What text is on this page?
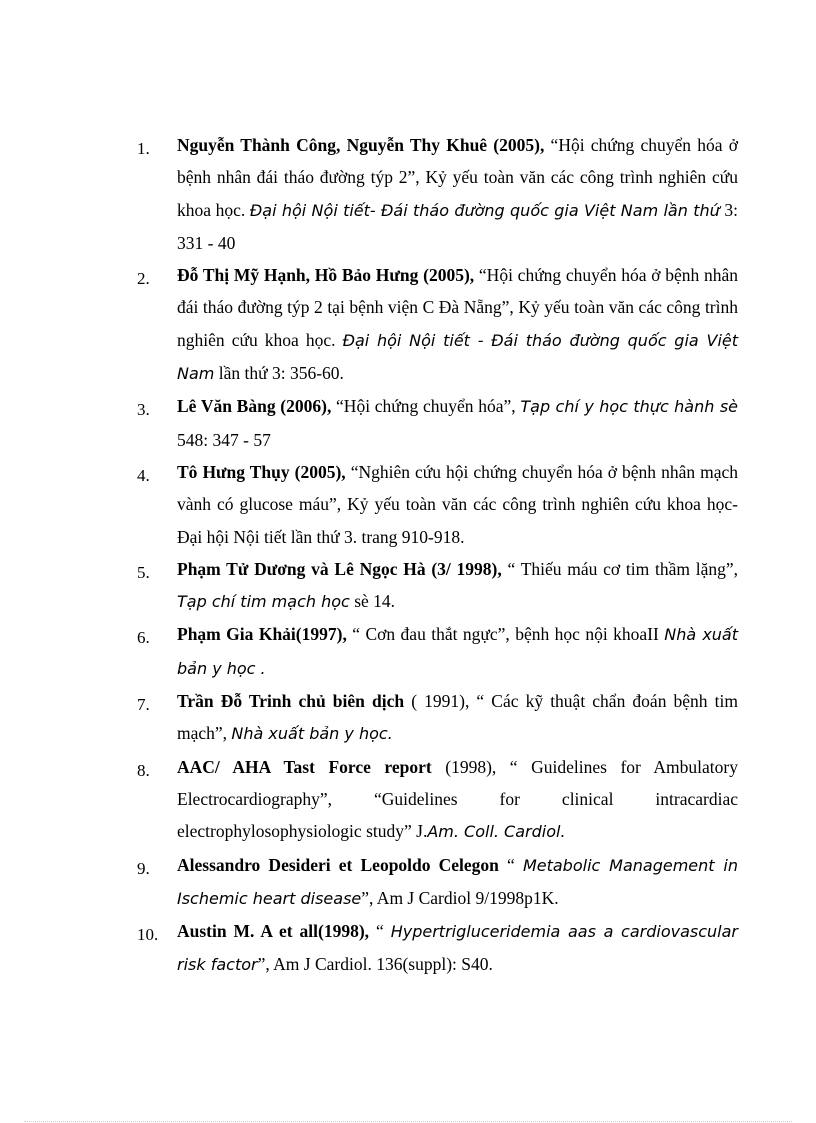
1. Nguyễn Thành Công, Nguyễn Thy Khuê (2005), “Hội chứng chuyển hóa ở bệnh nhân đái tháo đường týp 2”, Kỷ yếu toàn văn các công trình nghiên cứu khoa học. Đại hội Nội tiết- Đái tháo đường quốc gia Việt Nam lần thứ 3: 331 - 40
2. Đỗ Thị Mỹ Hạnh, Hồ Bảo Hưng (2005), “Hội chứng chuyển hóa ở bệnh nhân đái tháo đường týp 2 tại bệnh viện C Đà Nẵng”, Kỷ yếu toàn văn các công trình nghiên cứu khoa học. Đại hội Nội tiết - Đái tháo đường quốc gia Việt Nam lần thứ 3: 356-60.
3. Lê Văn Bàng (2006), “Hội chứng chuyển hóa”, Tạp chí y học thực hành sè 548: 347 - 57
4. Tô Hưng Thụy (2005), “Nghiên cứu hội chứng chuyển hóa ở bệnh nhân mạch vành có glucose máu”, Kỷ yếu toàn văn các công trình nghiên cứu khoa học- Đại hội Nội tiết lần thứ 3. trang 910-918.
5. Phạm Tử Dương và Lê Ngọc Hà (3/ 1998), “ Thiếu máu cơ tim thầm lặng”, Tạp chí tim mạch học sè 14.
6. Phạm Gia Khải(1997), “ Cơn đau thắt ngực”, bệnh học nội khoaII Nhà xuất bản y học .
7. Trần Đỗ Trinh chủ biên dịch ( 1991), “ Các kỹ thuật chẩn đoán bệnh tim mạch”, Nhà xuất bản y học.
8. AAC/ AHA Tast Force report (1998), “ Guidelines for Ambulatory Electrocardiography”, “Guidelines for clinical intracardiac electrophylosophysiologic study” J.Am. Coll. Cardiol.
9. Alessandro Desideri et Leopoldo Celegon “ Metabolic Management in Ischemic heart disease”, Am J Cardiol 9/1998p1K.
10. Austin M. A et all(1998), “ Hypertrigluceridemia aas a cardiovascular risk factor”, Am J Cardiol. 136(suppl): S40.
